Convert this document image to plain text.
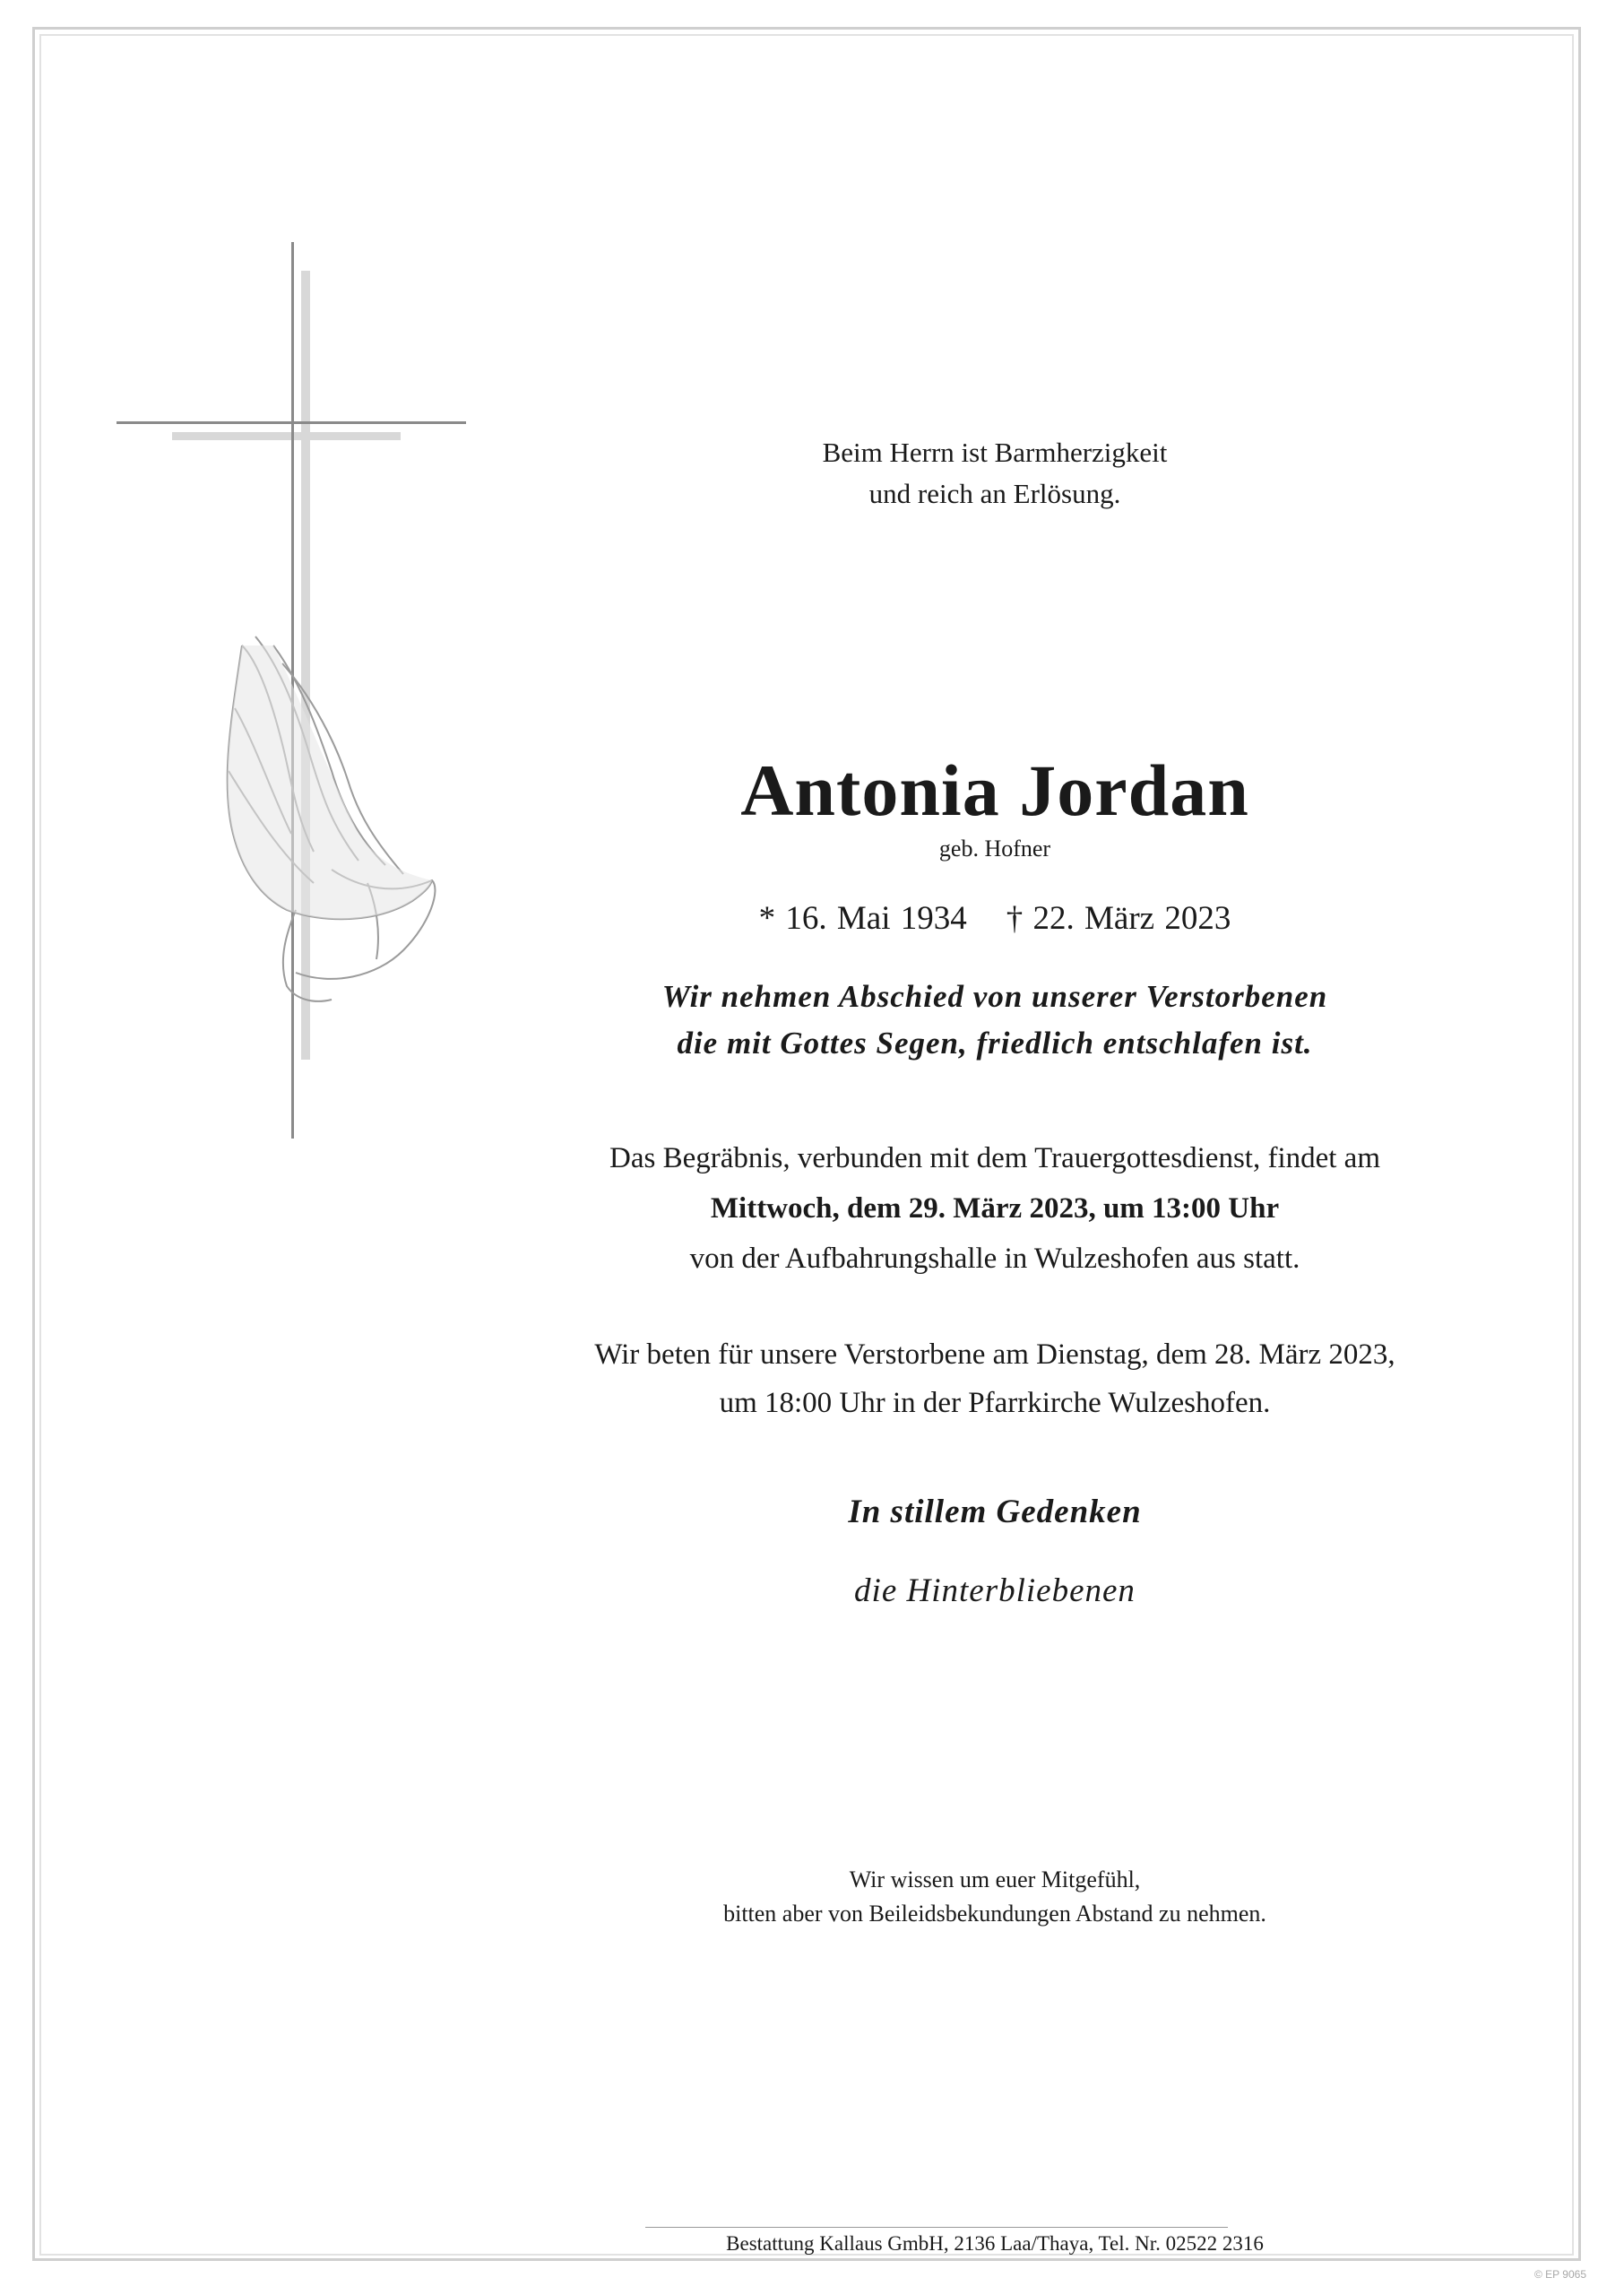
Beim Herrn ist Barmherzigkeit
und reich an Erlösung.
Antonia Jordan
geb. Hofner
* 16. Mai 1934 † 22. März 2023
Wir nehmen Abschied von unserer Verstorbenen
die mit Gottes Segen, friedlich entschlafen ist.
Das Begräbnis, verbunden mit dem Trauergottesdienst, findet am
Mittwoch, dem 29. März 2023, um 13:00 Uhr
von der Aufbahrungshalle in Wulzeshofen aus statt.
Wir beten für unsere Verstorbene am Dienstag, dem 28. März 2023,
um 18:00 Uhr in der Pfarrkirche Wulzeshofen.
In stillem Gedenken
die Hinterbliebenen
Wir wissen um euer Mitgefühl,
bitten aber von Beileidsbekundungen Abstand zu nehmen.
Bestattung Kallaus GmbH, 2136 Laa/Thaya, Tel. Nr. 02522 2316
© EP 9065
